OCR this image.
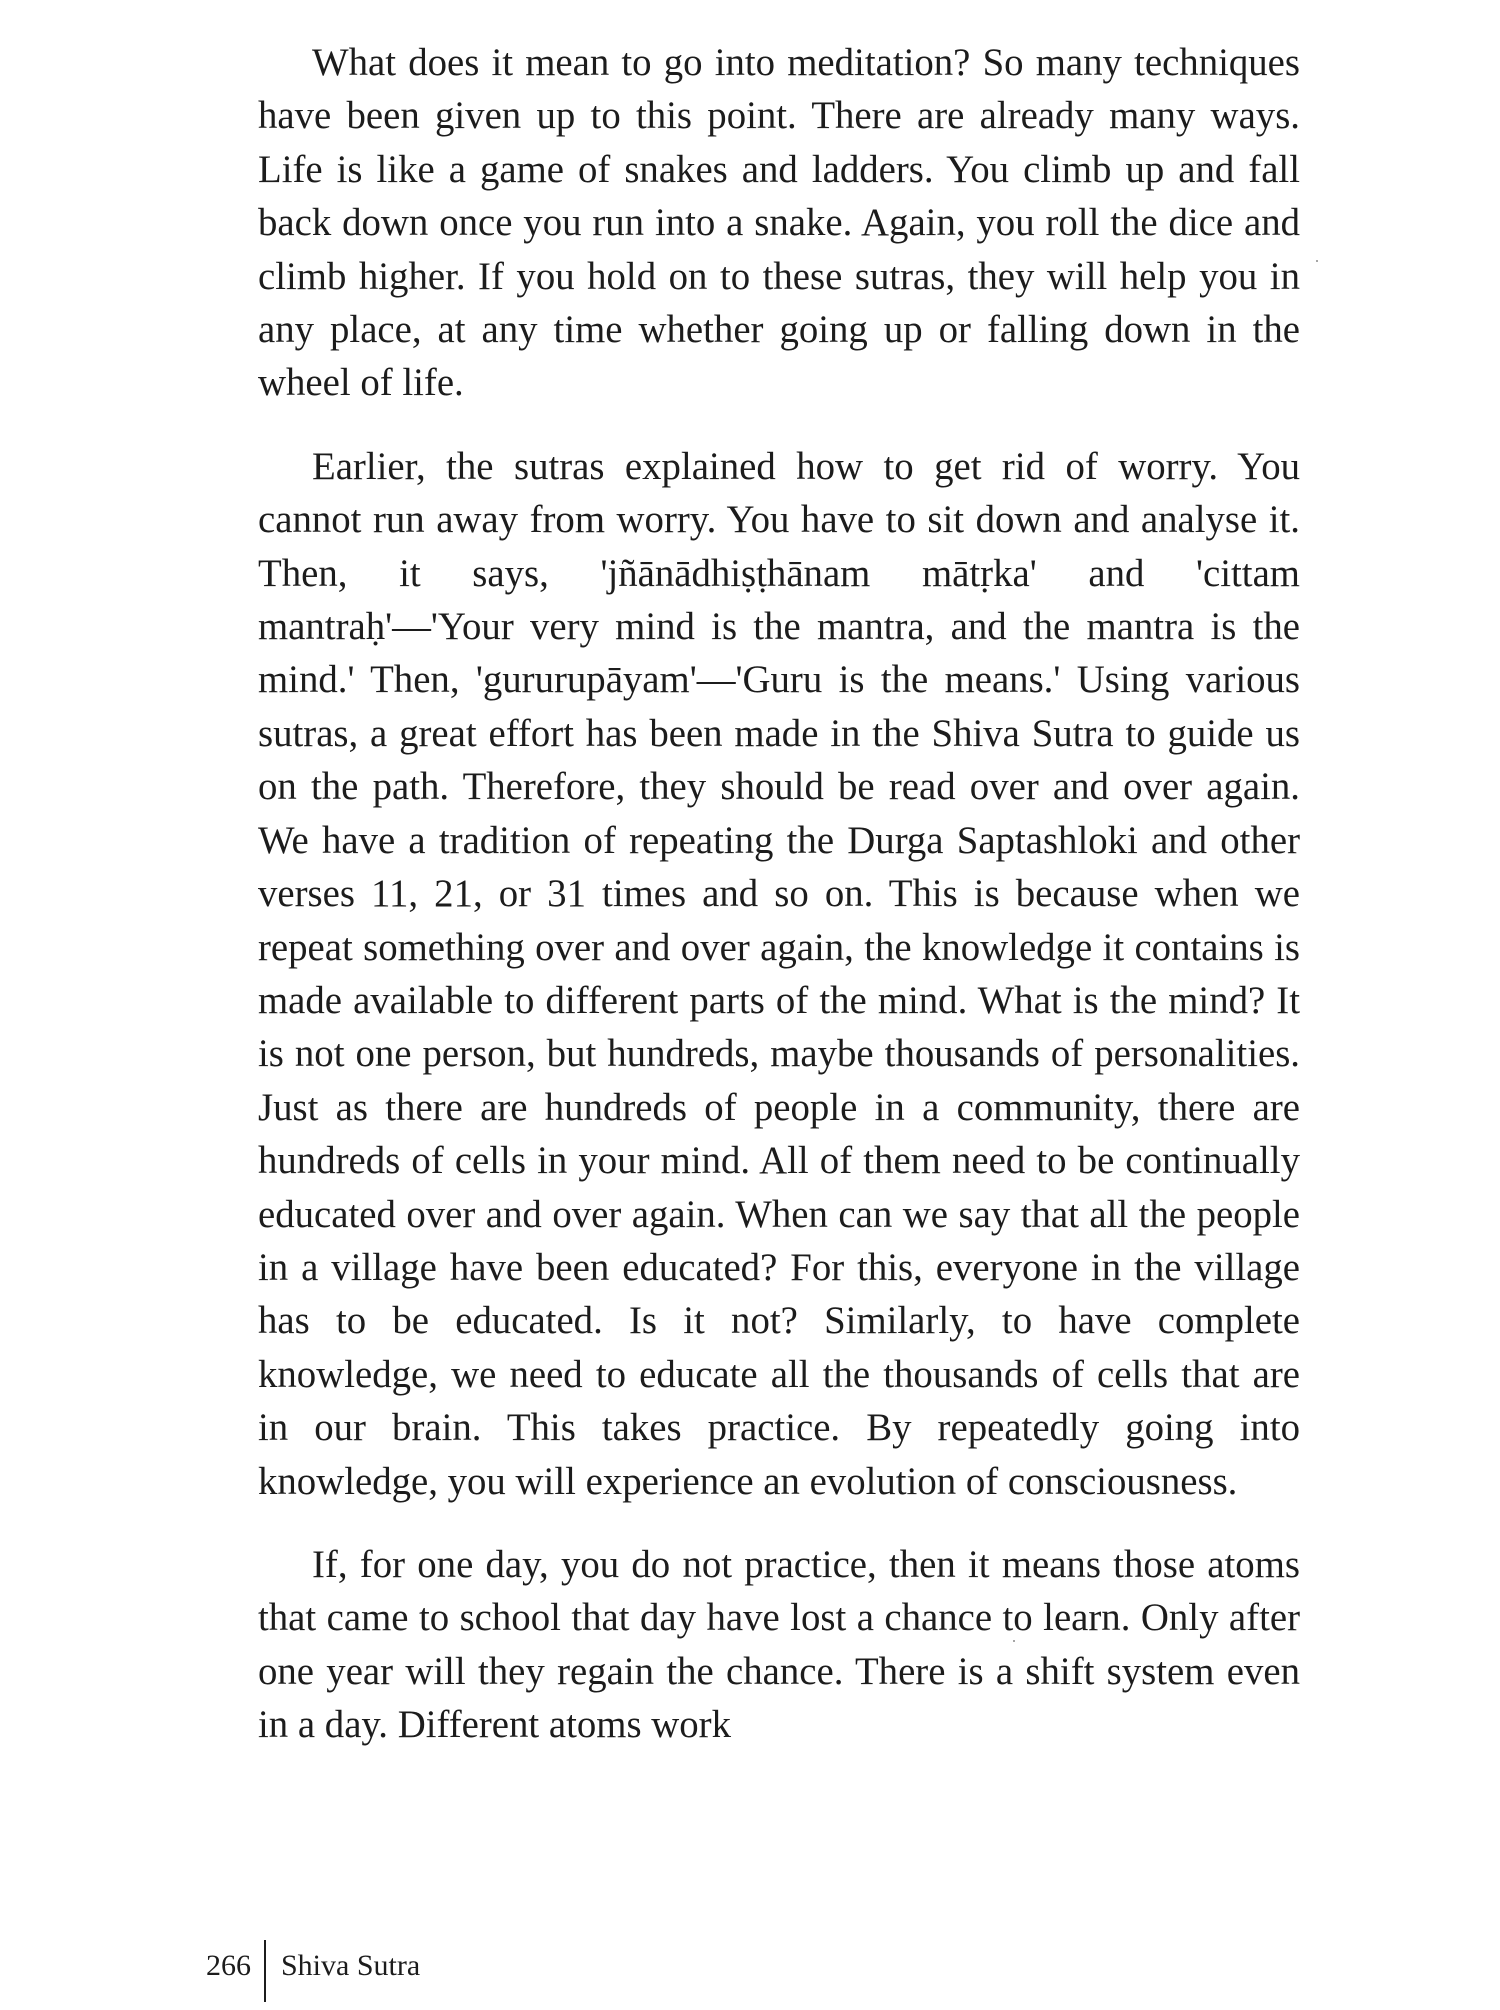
What does it mean to go into meditation? So many techniques have been given up to this point. There are already many ways. Life is like a game of snakes and ladders. You climb up and fall back down once you run into a snake. Again, you roll the dice and climb higher. If you hold on to these sutras, they will help you in any place, at any time whether going up or falling down in the wheel of life.

Earlier, the sutras explained how to get rid of worry. You cannot run away from worry. You have to sit down and analyse it. Then, it says, 'jñānādhiṣṭhānam mātṛka' and 'cittam mantraḥ'—'Your very mind is the mantra, and the mantra is the mind.' Then, 'gururupāyam'—'Guru is the means.' Using various sutras, a great effort has been made in the Shiva Sutra to guide us on the path. Therefore, they should be read over and over again. We have a tradition of repeating the Durga Saptashloki and other verses 11, 21, or 31 times and so on. This is because when we repeat something over and over again, the knowledge it contains is made available to different parts of the mind. What is the mind? It is not one person, but hundreds, maybe thousands of personalities. Just as there are hundreds of people in a community, there are hundreds of cells in your mind. All of them need to be continually educated over and over again. When can we say that all the people in a village have been educated? For this, everyone in the village has to be educated. Is it not? Similarly, to have complete knowledge, we need to educate all the thousands of cells that are in our brain. This takes practice. By repeatedly going into knowledge, you will experience an evolution of consciousness.

If, for one day, you do not practice, then it means those atoms that came to school that day have lost a chance to learn. Only after one year will they regain the chance. There is a shift system even in a day. Different atoms work

266 Shiva Sutra
